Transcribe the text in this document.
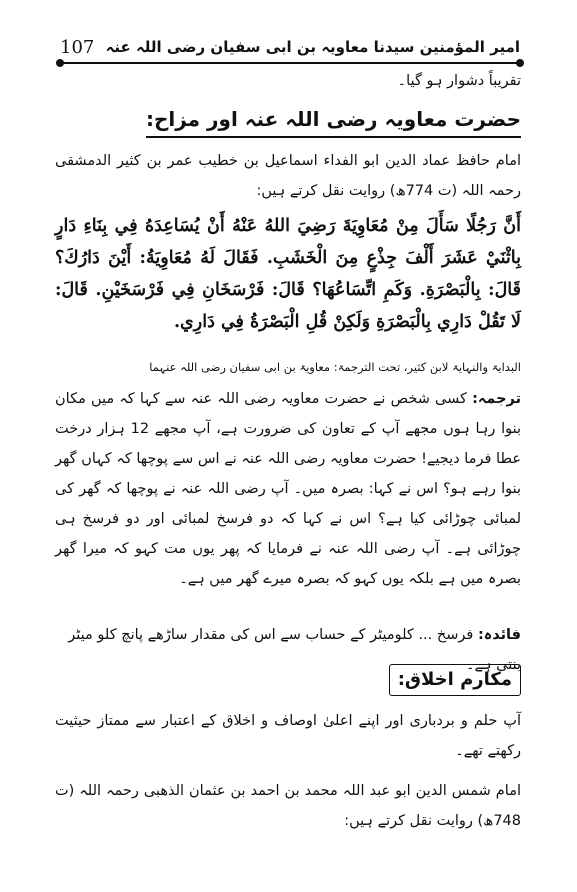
امیر المؤمنین سیدنا معاویہ بن ابی سفیان رضی اللہ عنہ
107

تقریباً دشوار ہو گیا۔

حضرت معاویہ رضی اللہ عنہ اور مزاح:

امام حافظ عماد الدین ابو الفداء اسماعیل بن خطیب عمر بن کثیر الدمشقی رحمہ اللہ (ت 774ھ) روایت نقل کرتے ہیں:

أَنَّ رَجُلًا سَأَلَ مِنْ مُعَاوِيَةَ رَضِيَ اللهُ عَنْهُ أَنْ يُسَاعِدَهُ فِي بِنَاءِ دَارٍ بِاثْنَيْ عَشَرَ أَلْفَ جِذْعٍ مِنَ الْخَشَبِ. فَقَالَ لَهُ مُعَاوِيَةُ: أَيْنَ دَارُكَ؟ قَالَ: بِالْبَصْرَةِ. وَكَمِ اتِّسَاعُهَا؟ قَالَ: فَرْسَخَانِ فِي فَرْسَخَيْنِ. قَالَ: لَا تَقُلْ دَارِي بِالْبَصْرَةِ وَلَكِنْ قُلِ الْبَصْرَةُ فِي دَارِي.

البدایۃ والنہایۃ لابن کثیر، تحت الترجمۃ: معاویۃ بن ابی سفیان رضی اللہ عنہما

ترجمہ: کسی شخص نے حضرت معاویہ رضی اللہ عنہ سے کہا کہ میں مکان بنوا رہا ہوں مجھے آپ کے تعاون کی ضرورت ہے، آپ مجھے 12 ہزار درخت عطا فرما دیجیے! حضرت معاویہ رضی اللہ عنہ نے اس سے پوچھا کہ کہاں گھر بنوا رہے ہو؟ اس نے کہا: بصرہ میں۔ آپ رضی اللہ عنہ نے پوچھا کہ گھر کی لمبائی چوڑائی کیا ہے؟ اس نے کہا کہ دو فرسخ لمبائی اور دو فرسخ ہی چوڑائی ہے۔ آپ رضی اللہ عنہ نے فرمایا کہ پھر یوں مت کہو کہ میرا گھر بصرہ میں ہے بلکہ یوں کہو کہ بصرہ میرے گھر میں ہے۔

فائدہ: فرسخ ... کلومیٹر کے حساب سے اس کی مقدار ساڑھے پانچ کلو میٹر بنتی ہے۔

مکارم اخلاق:

آپ حلم و بردباری اور اپنے اعلیٰ اوصاف و اخلاق کے اعتبار سے ممتاز حیثیت رکھتے تھے۔

امام شمس الدین ابو عبد اللہ محمد بن احمد بن عثمان الذھبی رحمہ اللہ (ت 748ھ) روایت نقل کرتے ہیں:
